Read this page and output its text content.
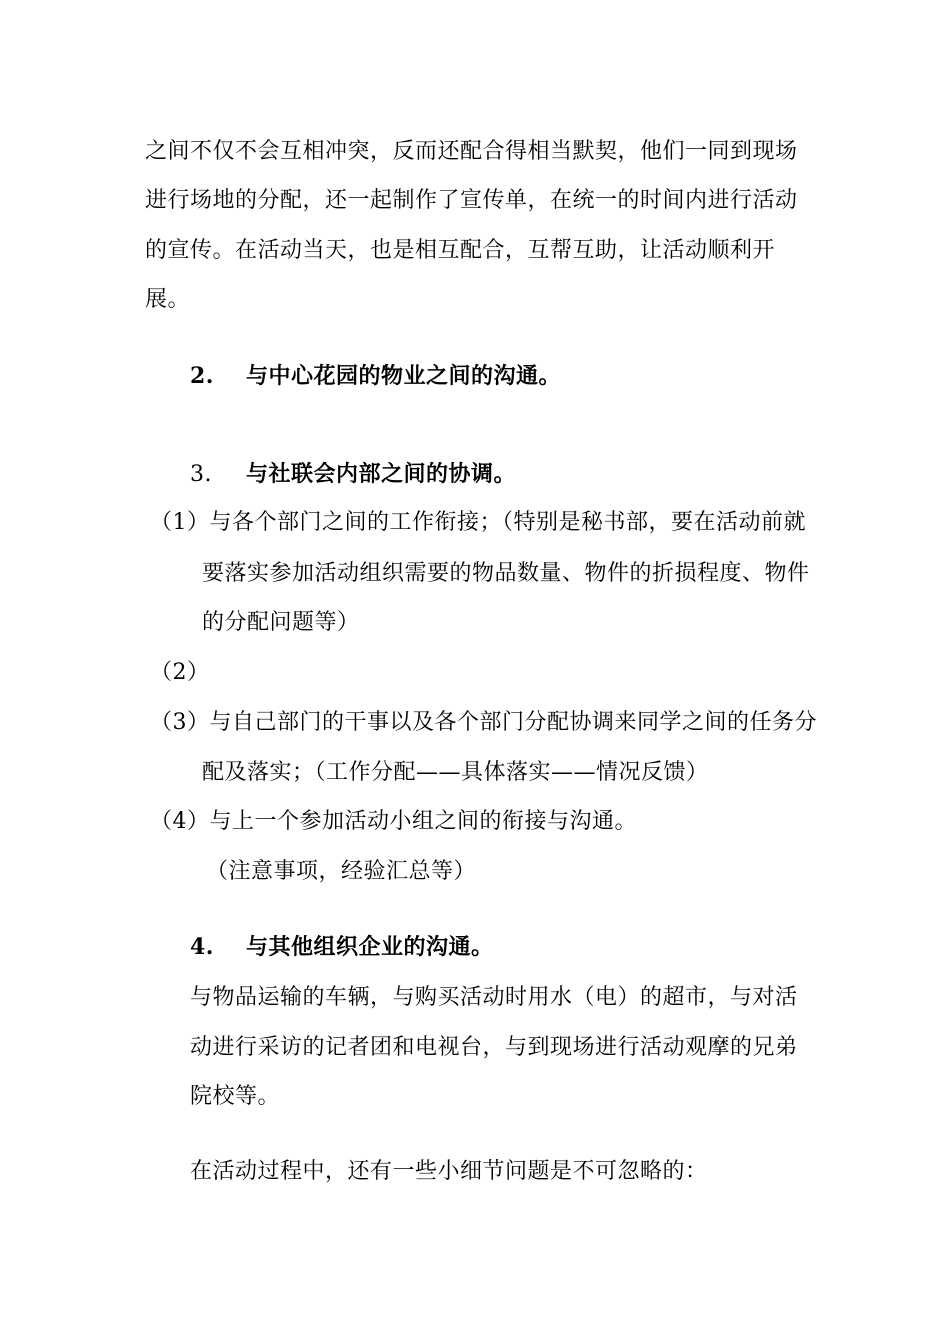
之间不仅不会互相冲突，反而还配合得相当默契，他们一同到现场
进行场地的分配，还一起制作了宣传单，在统一的时间内进行活动
的宣传。在活动当天，也是相互配合，互帮互助，让活动顺利开
展。
2. 与中心花园的物业之间的沟通。
3. 与社联会内部之间的协调。
（1）与各个部门之间的工作衔接；（特别是秘书部，要在活动前就
要落实参加活动组织需要的物品数量、物件的折损程度、物件
的分配问题等）
（2）
（3）与自己部门的干事以及各个部门分配协调来同学之间的任务分
配及落实；（工作分配——具体落实——情况反馈）
（4）与上一个参加活动小组之间的衔接与沟通。
（注意事项，经验汇总等）
4. 与其他组织企业的沟通。
与物品运输的车辆，与购买活动时用水（电）的超市，与对活
动进行采访的记者团和电视台，与到现场进行活动观摩的兄弟
院校等。
在活动过程中，还有一些小细节问题是不可忽略的：
